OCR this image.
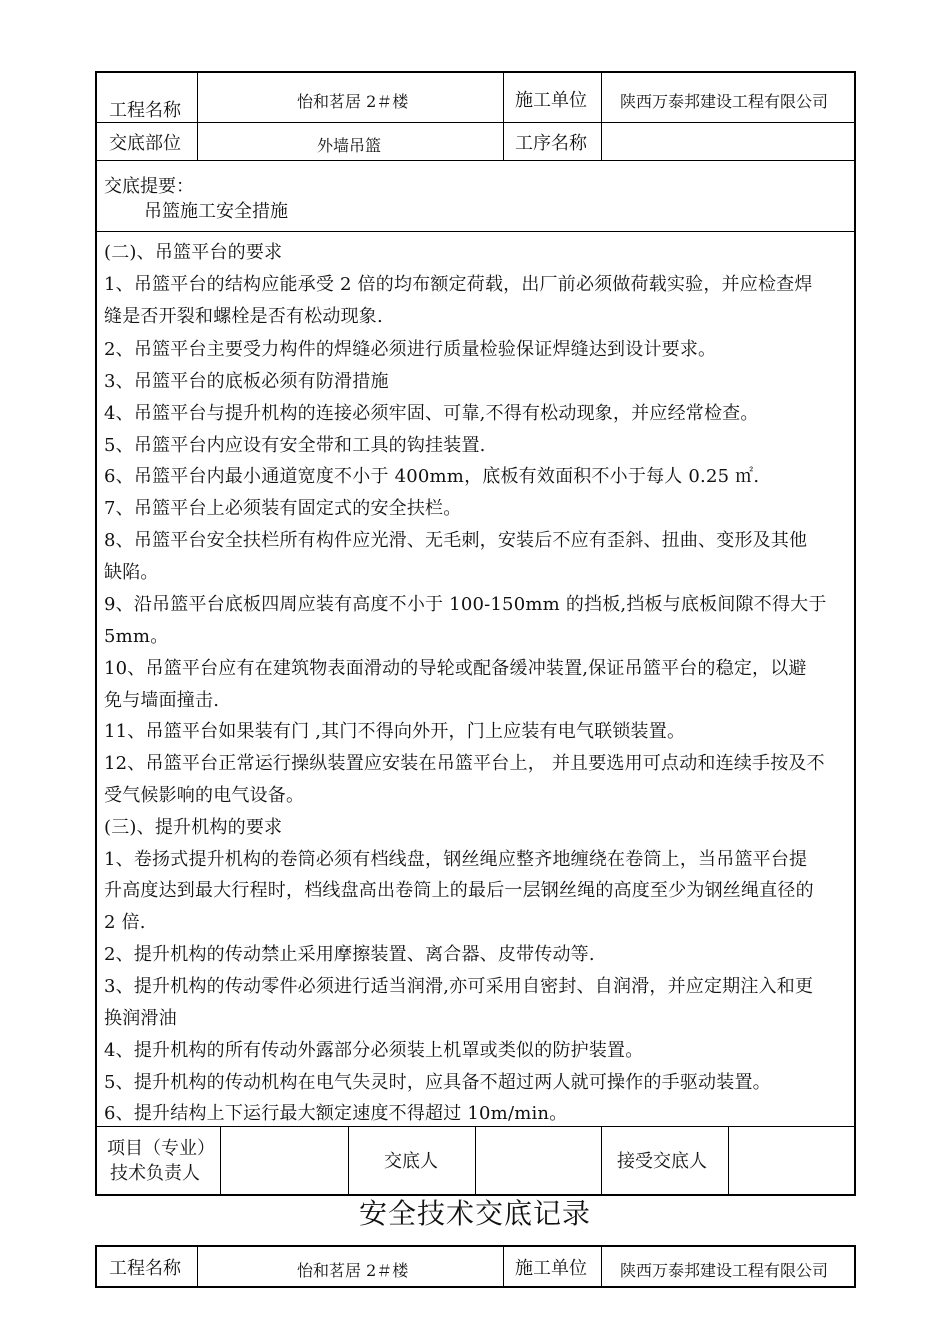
工程名称	怡和茗居 2＃楼	施工单位 陕西万泰邦建设工程有限公司
交底部位	外墙吊篮	工序名称
交底提要：
吊篮施工安全措施
(二)、吊篮平台的要求
1、吊篮平台的结构应能承受 2 倍的均布额定荷载，出厂前必须做荷载实验，并应检查焊
缝是否开裂和螺栓是否有松动现象.
2、吊篮平台主要受力构件的焊缝必须进行质量检验保证焊缝达到设计要求。
3、吊篮平台的底板必须有防滑措施
4、吊篮平台与提升机构的连接必须牢固、可靠,不得有松动现象，并应经常检查。
5、吊篮平台内应设有安全带和工具的钩挂装置.
6、吊篮平台内最小通道宽度不小于 400mm，底板有效面积不小于每人 0.25 ㎡.
7、吊篮平台上必须装有固定式的安全扶栏。
8、吊篮平台安全扶栏所有构件应光滑、无毛刺，安装后不应有歪斜、扭曲、变形及其他
缺陷。
9、沿吊篮平台底板四周应装有高度不小于 100-150mm 的挡板,挡板与底板间隙不得大于
5mm。
10、吊篮平台应有在建筑物表面滑动的导轮或配备缓冲装置,保证吊篮平台的稳定，以避
免与墙面撞击.
11、吊篮平台如果装有门 ,其门不得向外开，门上应装有电气联锁装置。
12、吊篮平台正常运行操纵装置应安装在吊篮平台上， 并且要选用可点动和连续手按及不
受气候影响的电气设备。
(三)、提升机构的要求
1、卷扬式提升机构的卷筒必须有档线盘，钢丝绳应整齐地缠绕在卷筒上，当吊篮平台提
升高度达到最大行程时，档线盘高出卷筒上的最后一层钢丝绳的高度至少为钢丝绳直径的
2 倍.
2、提升机构的传动禁止采用摩擦装置、离合器、皮带传动等.
3、提升机构的传动零件必须进行适当润滑,亦可采用自密封、自润滑，并应定期注入和更
换润滑油
4、提升机构的所有传动外露部分必须装上机罩或类似的防护装置。
5、提升机构的传动机构在电气失灵时，应具备不超过两人就可操作的手驱动装置。
6、提升结构上下运行最大额定速度不得超过 10m/min。
项目（专业）
技术负责人
交底人	接受交底人
安全技术交底记录
工程名称	怡和茗居 2＃楼	施工单位 陕西万泰邦建设工程有限公司
